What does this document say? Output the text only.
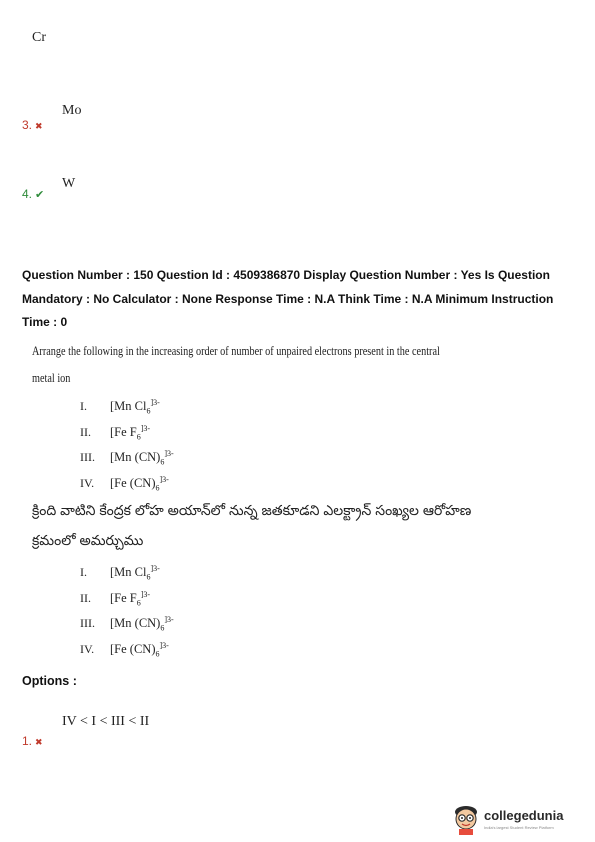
Cr
Mo
3. ✖
W
4. ✔
Question Number : 150 Question Id : 4509386870 Display Question Number : Yes Is Question
Mandatory : No Calculator : None Response Time : N.A Think Time : N.A Minimum Instruction
Time : 0
Arrange the following in the increasing order of number of unpaired electrons present in the central
metal ion
I. [Mn $Cl_6^{]3-}$
II. [Fe $F_6^{]3-}$
III. [Mn $(CN)_6^{]3-}$
IV. [Fe $(CN)_6^{]3-}$
క్రింది వాటిని కేంద్రక లోహ అయాన్‌లో నున్న జతకూడని ఎలక్ట్రాన్ సంఖ్యల ఆరోహణ
క్రమంలో అమర్చుము
I. [Mn $Cl_6^{]3-}$
II. [Fe $F_6^{]3-}$
III. [Mn $(CN)_6^{]3-}$
IV. [Fe $(CN)_6^{]3-}$
Options :
IV < I < III < II
1. ✖
collegedunia
India's largest Student Review Platform
